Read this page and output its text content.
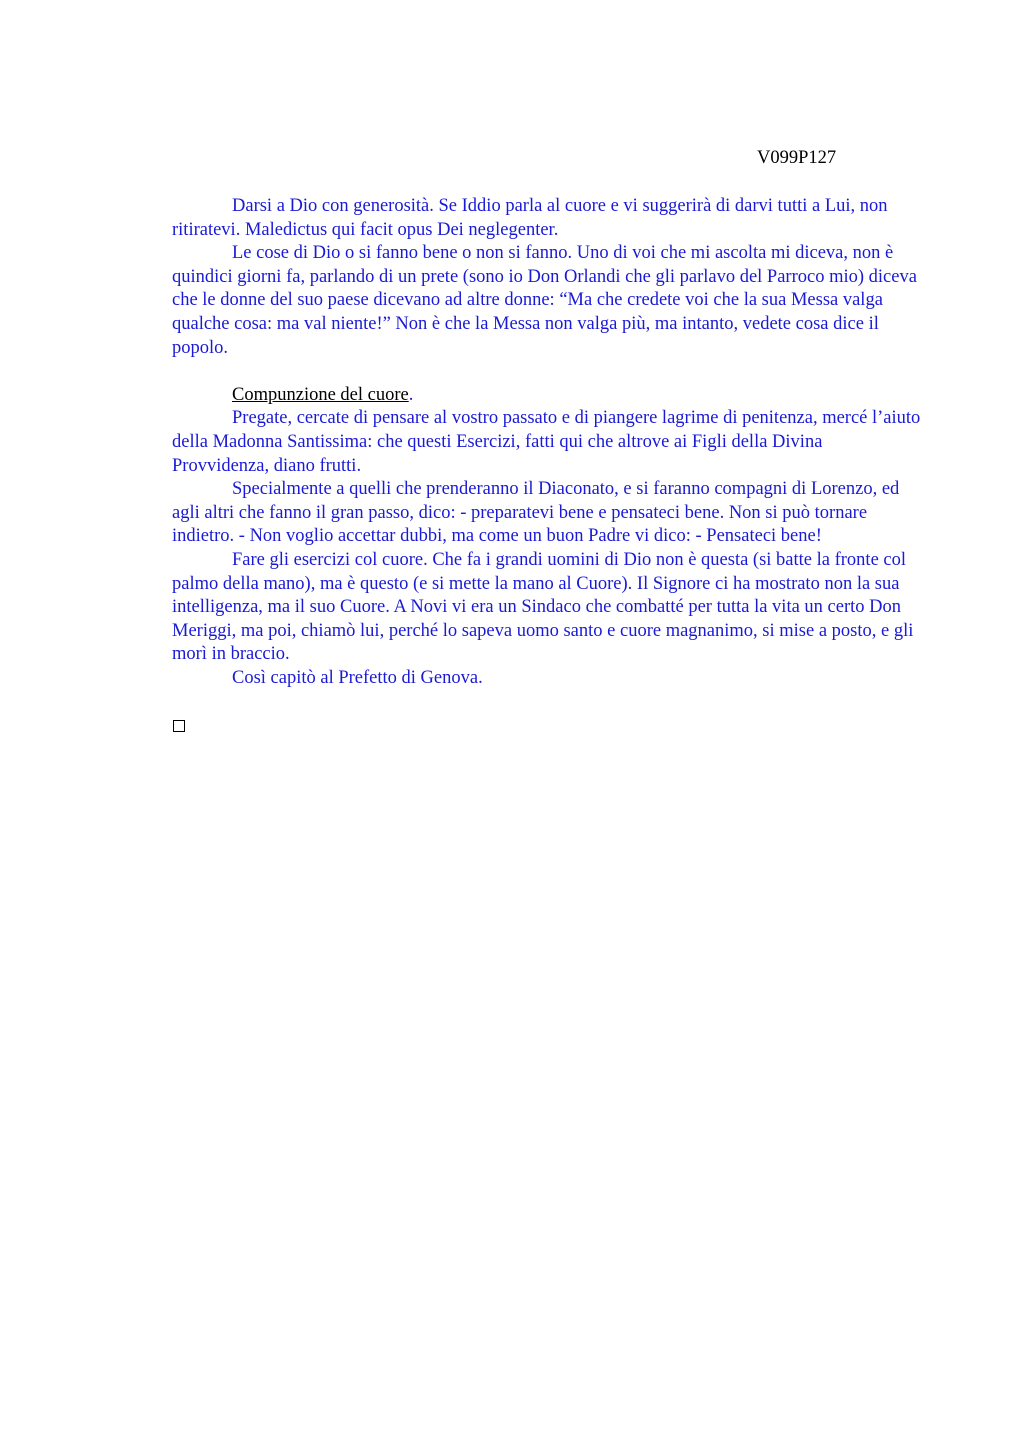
V099P127

Darsi a Dio con generosità. Se Iddio parla al cuore e vi suggerirà di darvi tutti a Lui, non ritiratevi. Maledictus qui facit opus Dei neglegenter.

Le cose di Dio o si fanno bene o non si fanno. Uno di voi che mi ascolta mi diceva, non è quindici giorni fa, parlando di un prete (sono io Don Orlandi che gli parlavo del Parroco mio) diceva che le donne del suo paese dicevano ad altre donne: “Ma che credete voi che la sua Messa valga qualche cosa: ma val niente!” Non è che la Messa non valga più, ma intanto, vedete cosa dice il popolo.

Compunzione del cuore.

Pregate, cercate di pensare al vostro passato e di piangere lagrime di penitenza, mercé l’aiuto della Madonna Santissima: che questi Esercizi, fatti qui che altrove ai Figli della Divina Provvidenza, diano frutti.

Specialmente a quelli che prenderanno il Diaconato, e si faranno compagni di Lorenzo, ed agli altri che fanno il gran passo, dico: - preparatevi bene e pensateci bene. Non si può tornare indietro. - Non voglio accettar dubbi, ma come un buon Padre vi dico: - Pensateci bene!

Fare gli esercizi col cuore. Che fa i grandi uomini di Dio non è questa (si batte la fronte col palmo della mano), ma è questo (e si mette la mano al Cuore). Il Signore ci ha mostrato non la sua intelligenza, ma il suo Cuore. A Novi vi era un Sindaco che combatté per tutta la vita un certo Don Meriggi, ma poi, chiamò lui, perché lo sapeva uomo santo e cuore magnanimo, si mise a posto, e gli morì in braccio.

Così capitò al Prefetto di Genova.
